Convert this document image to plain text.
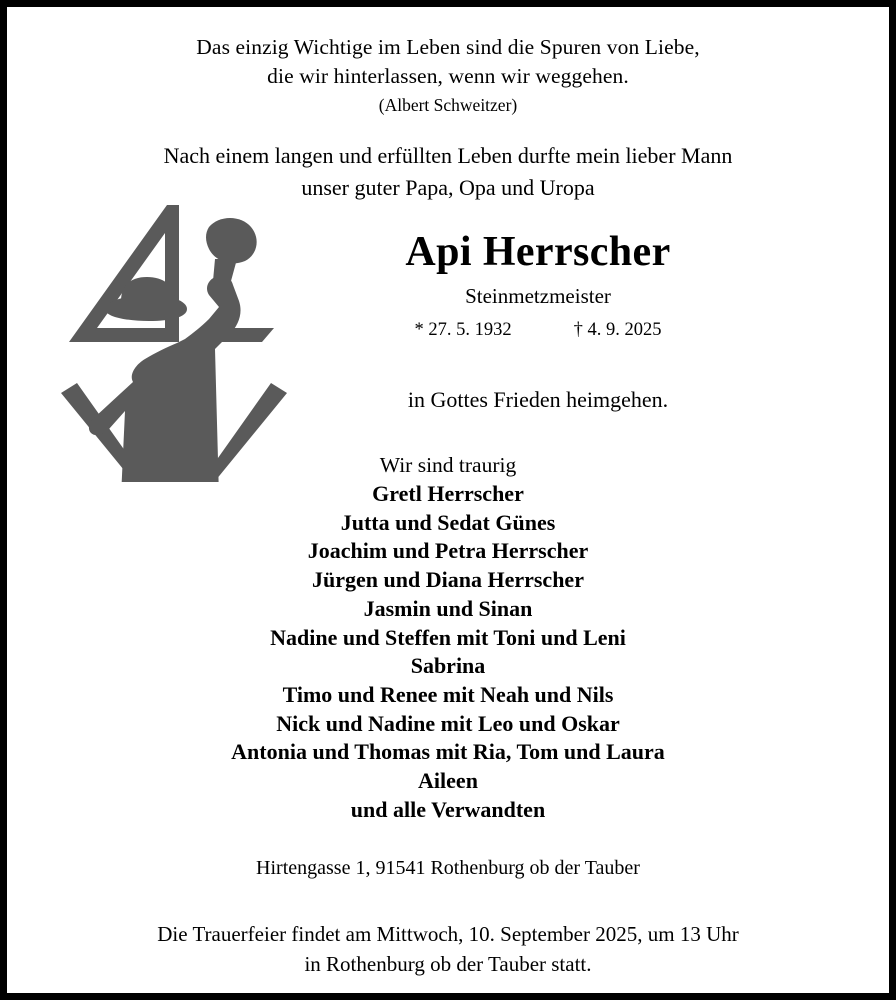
Das einzig Wichtige im Leben sind die Spuren von Liebe,
die wir hinterlassen, wenn wir weggehen.
(Albert Schweitzer)
Nach einem langen und erfüllten Leben durfte mein lieber Mann
unser guter Papa, Opa und Uropa
Api Herrscher
Steinmetzmeister
* 27. 5. 1932	† 4. 9. 2025
in Gottes Frieden heimgehen.
Wir sind traurig
Gretl Herrscher
Jutta und Sedat Günes
Joachim und Petra Herrscher
Jürgen und Diana Herrscher
Jasmin und Sinan
Nadine und Steffen mit Toni und Leni
Sabrina
Timo und Renee mit Neah und Nils
Nick und Nadine mit Leo und Oskar
Antonia und Thomas mit Ria, Tom und Laura
Aileen
und alle Verwandten
Hirtengasse 1, 91541 Rothenburg ob der Tauber
Die Trauerfeier findet am Mittwoch, 10. September 2025, um 13 Uhr
in Rothenburg ob der Tauber statt.
